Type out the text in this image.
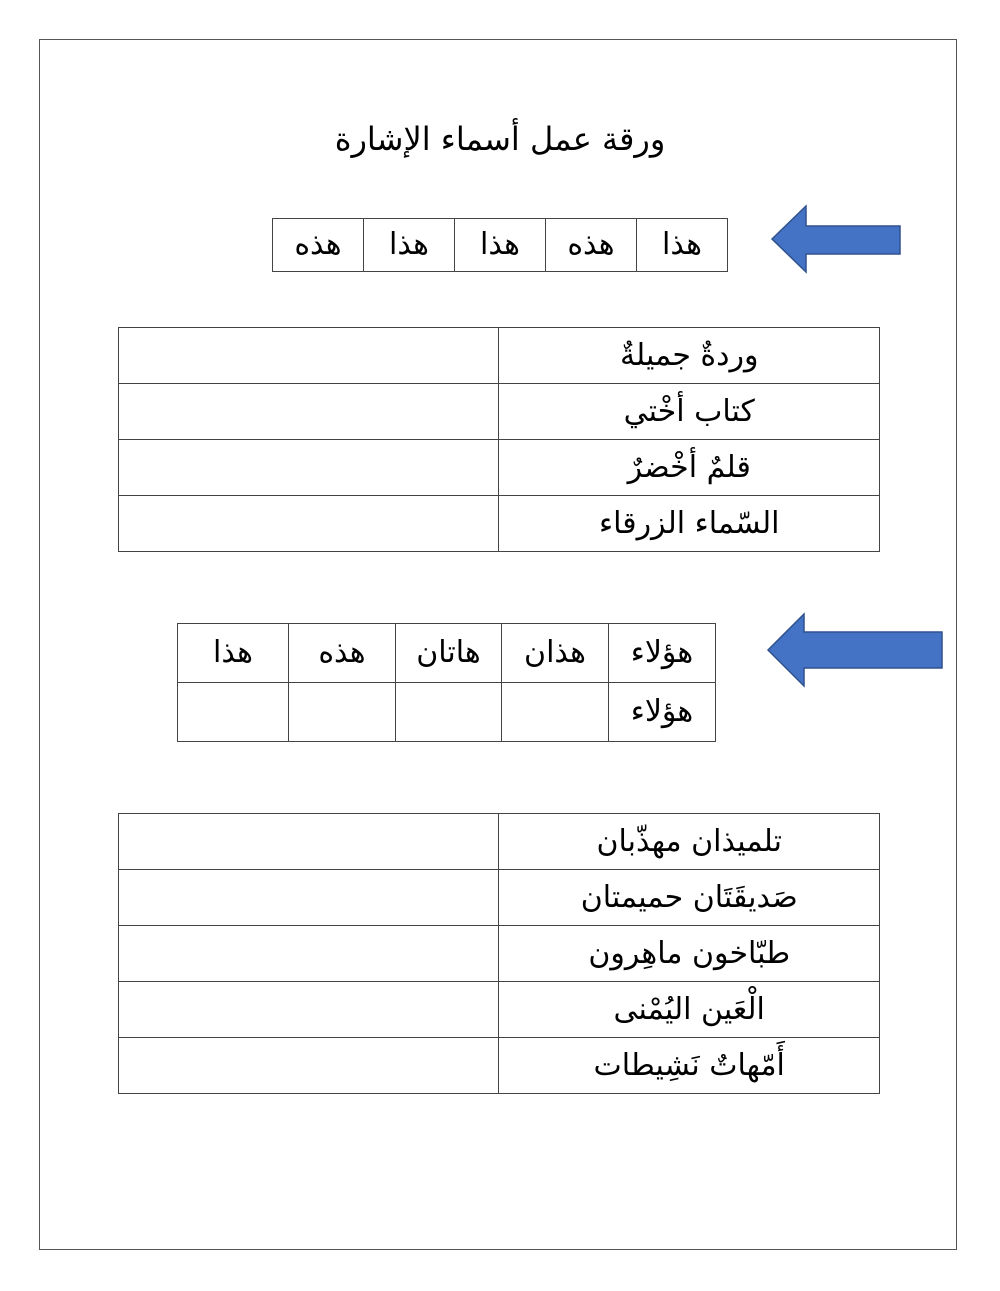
ورقة عمل أسماء الإشارة
هذا	هذه	هذا	هذا	هذه
وردةٌ جميلةٌ	
كتاب أخْتي	
قلمٌ أخْضرٌ	
السّماء الزرقاء	
هؤلاء	هذان	هاتان	هذه	هذا
هؤلاء				
تلميذان مهذّبان	
صَديقَتَان حميمتان	
طبّاخون ماهِرون	
الْعَين اليُمْنى	
أَمّهاتٌ نَشِيطات	
